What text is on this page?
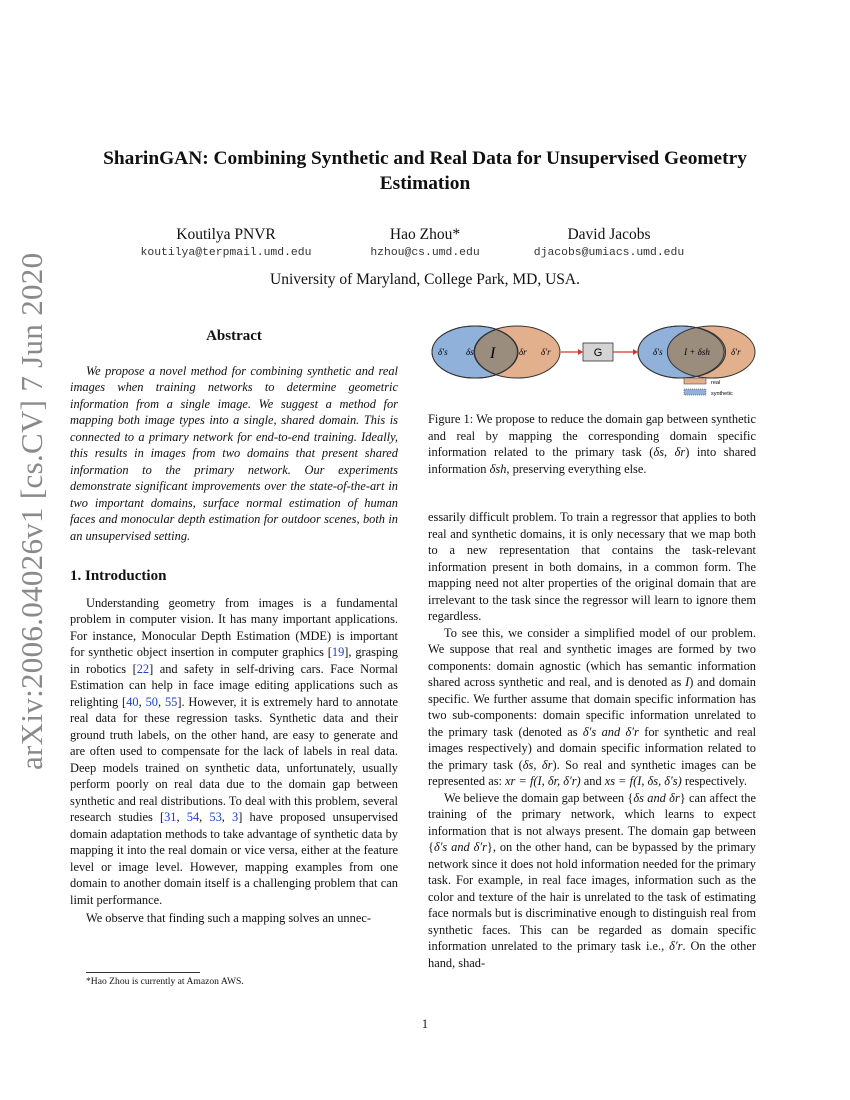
arXiv:2006.04026v1 [cs.CV] 7 Jun 2020
SharinGAN: Combining Synthetic and Real Data for Unsupervised Geometry Estimation
Koutilya PNVR
koutilya@terpmail.umd.edu
Hao Zhou*
hzhou@cs.umd.edu
David Jacobs
djacobs@umiacs.umd.edu
University of Maryland, College Park, MD, USA.
Abstract

We propose a novel method for combining synthetic and real images when training networks to determine geometric information from a single image. We suggest a method for mapping both image types into a single, shared domain. This is connected to a primary network for end-to-end training. Ideally, this results in images from two domains that present shared information to the primary network. Our experiments demonstrate significant improvements over the state-of-the-art in two important domains, surface normal estimation of human faces and monocular depth estimation for outdoor scenes, both in an unsupervised setting.

1. Introduction

Understanding geometry from images is a fundamental problem in computer vision. It has many important applications. For instance, Monocular Depth Estimation (MDE) is important for synthetic object insertion in computer graphics [19], grasping in robotics [22] and safety in self-driving cars. Face Normal Estimation can help in face image editing applications such as relighting [40, 50, 55]. However, it is extremely hard to annotate real data for these regression tasks. Synthetic data and their ground truth labels, on the other hand, are easy to generate and are often used to compensate for the lack of labels in real data. Deep models trained on synthetic data, unfortunately, usually perform poorly on real data due to the domain gap between synthetic and real distributions. To deal with this problem, several research studies [31, 54, 53, 3] have proposed unsupervised domain adaptation methods to take advantage of synthetic data by mapping it into the real domain or vice versa, either at the feature level or image level. However, mapping examples from one domain to another domain itself is a challenging problem that can limit performance.

We observe that finding such a mapping solves an unnec-

*Hao Zhou is currently at Amazon AWS.
δ′s δs I	δr δ′r	G	δ′s I + δsh δ′r
real
synthetic
Figure 1: We propose to reduce the domain gap between synthetic and real by mapping the corresponding domain specific information related to the primary task (δs, δr) into shared information δsh, preserving everything else.

essarily difficult problem. To train a regressor that applies to both real and synthetic domains, it is only necessary that we map both to a new representation that contains the task-relevant information present in both domains, in a common form. The mapping need not alter properties of the original domain that are irrelevant to the task since the regressor will learn to ignore them regardless.

To see this, we consider a simplified model of our problem. We suppose that real and synthetic images are formed by two components: domain agnostic (which has semantic information shared across synthetic and real, and is denoted as I) and domain specific. We further assume that domain specific information has two sub-components: domain specific information unrelated to the primary task (denoted as δ′s and δ′r for synthetic and real images respectively) and domain specific information related to the primary task (δs, δr). So real and synthetic images can be represented as: xr = f(I, δr, δ′r) and xs = f(I, δs, δ′s) respectively.

We believe the domain gap between {δs and δr} can affect the training of the primary network, which learns to expect information that is not always present. The domain gap between {δ′s and δ′r}, on the other hand, can be bypassed by the primary network since it does not hold information needed for the primary task. For example, in real face images, information such as the color and texture of the hair is unrelated to the task of estimating face normals but is discriminative enough to distinguish real from synthetic faces. This can be regarded as domain specific information unrelated to the primary task i.e., δ′r. On the other hand, shad-

1
